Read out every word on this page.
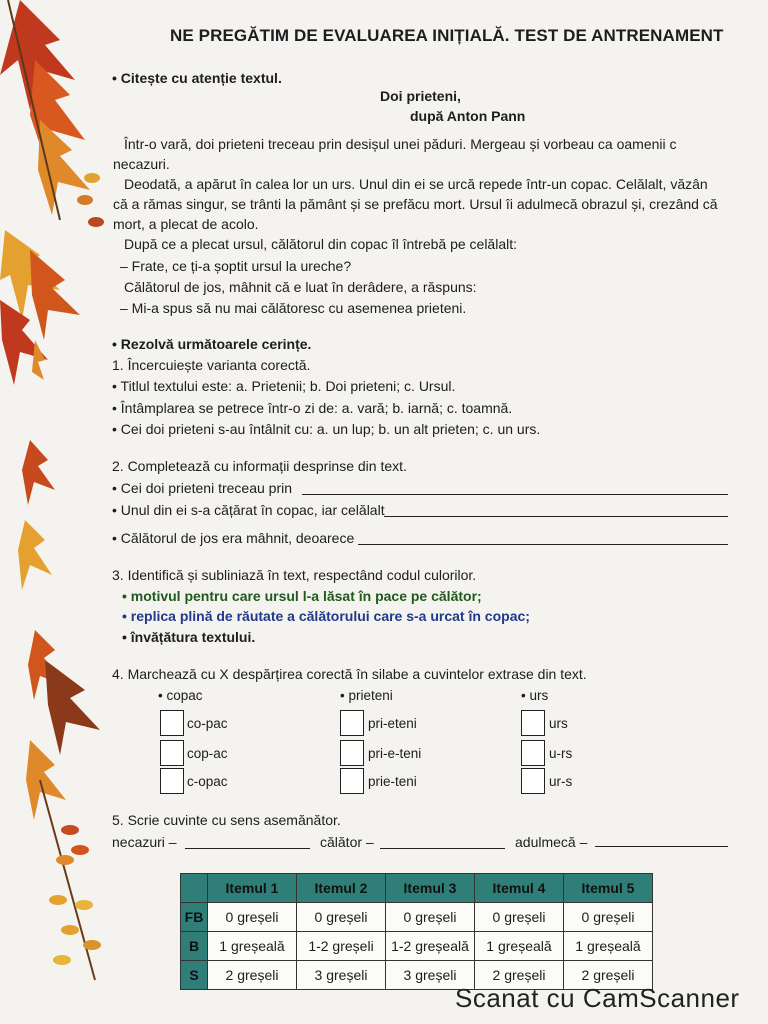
NE PREGĂTIM DE EVALUAREA INIȚIALĂ. TEST DE ANTRENAMENT
• Citește cu atenție textul.
Doi prieteni,
după Anton Pann
Într-o vară, doi prieteni treceau prin desișul unei păduri. Mergeau și vorbeau ca oamenii c
necazuri.
Deodată, a apărut în calea lor un urs. Unul din ei se urcă repede într-un copac. Celălalt, văzân
că a rămas singur, se trânti la pământ și se prefăcu mort. Ursul îi adulmecă obrazul și, crezând că
mort, a plecat de acolo.
După ce a plecat ursul, călătorul din copac îl întrebă pe celălalt:
– Frate, ce ți-a șoptit ursul la ureche?
Călătorul de jos, mâhnit că e luat în derâdere, a răspuns:
– Mi-a spus să nu mai călătoresc cu asemenea prieteni.
• Rezolvă următoarele cerințe.
1. Încercuiește varianta corectă.
• Titlul textului este: a. Prietenii; b. Doi prieteni; c. Ursul.
• Întâmplarea se petrece într-o zi de: a. vară; b. iarnă; c. toamnă.
• Cei doi prieteni s-au întâlnit cu: a. un lup; b. un alt prieten; c. un urs.
2. Completează cu informații desprinse din text.
• Cei doi prieteni treceau prin
• Unul din ei s-a cățărat în copac, iar celălalt
• Călătorul de jos era mâhnit, deoarece
3. Identifică și subliniază în text, respectând codul culorilor.
• motivul pentru care ursul l-a lăsat în pace pe călător;
• replica plină de răutate a călătorului care s-a urcat în copac;
• învățătura textului.
4. Marchează cu X despărțirea corectă în silabe a cuvintelor extrase din text.
• copac	• prieteni	• urs
co-pac
cop-ac
c-opac
pri-eteni
pri-e-teni
prie-teni
urs
u-rs
ur-s
5. Scrie cuvinte cu sens asemănător.
necazuri –	călător –	adulmecă –
	Itemul 1	Itemul 2	Itemul 3	Itemul 4	Itemul 5
FB	0 greșeli	0 greșeli	0 greșeli	0 greșeli	0 greșeli
B	1 greșeală	1-2 greșeli	1-2 greșeală	1 greșeală	1 greșeală
S	2 greșeli	3 greșeli	3 greșeli	2 greșeli	2 greșeli
Scanat cu CamScanner
